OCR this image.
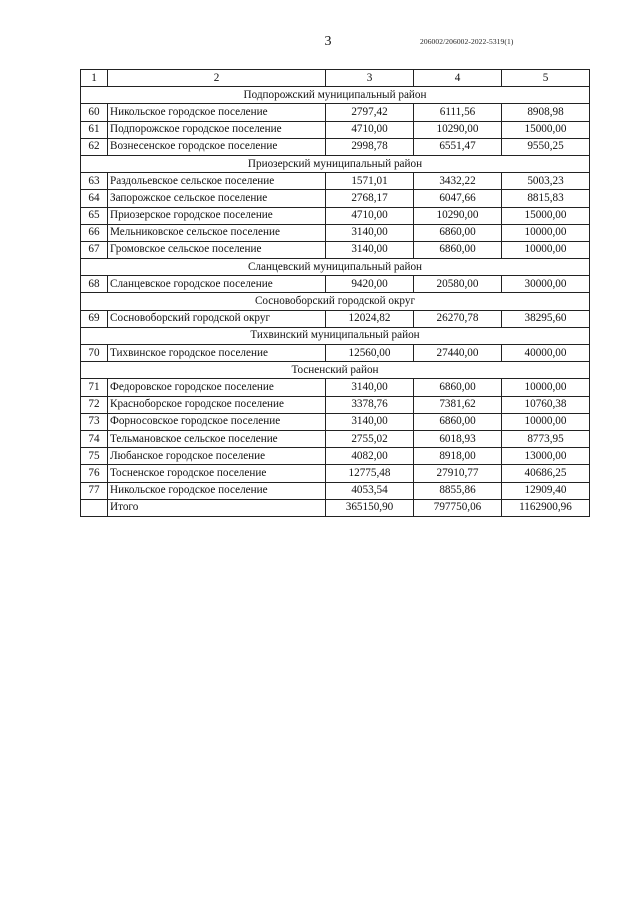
3	206002/206002-2022-5319(1)
1	2	3	4	5
Подпорожский муниципальный район				
60	Никольское городское поселение	2797,42	6111,56	8908,98
61	Подпорожское городское поселение	4710,00	10290,00	15000,00
62	Вознесенское городское поселение	2998,78	6551,47	9550,25
Приозерский муниципальный район				
63	Раздольевское сельское поселение	1571,01	3432,22	5003,23
64	Запорожское сельское поселение	2768,17	6047,66	8815,83
65	Приозерское городское поселение	4710,00	10290,00	15000,00
66	Мельниковское сельское поселение	3140,00	6860,00	10000,00
67	Громовское сельское поселение	3140,00	6860,00	10000,00
Сланцевский муниципальный район				
68	Сланцевское городское поселение	9420,00	20580,00	30000,00
Сосновоборский городской округ				
69	Сосновоборский городской округ	12024,82	26270,78	38295,60
Тихвинский муниципальный район				
70	Тихвинское городское поселение	12560,00	27440,00	40000,00
Тосненский район				
71	Федоровское городское поселение	3140,00	6860,00	10000,00
72	Красноборское городское поселение	3378,76	7381,62	10760,38
73	Форносовское городское поселение	3140,00	6860,00	10000,00
74	Тельмановское сельское поселение	2755,02	6018,93	8773,95
75	Любанское городское поселение	4082,00	8918,00	13000,00
76	Тосненское городское поселение	12775,48	27910,77	40686,25
77	Никольское городское поселение	4053,54	8855,86	12909,40
	Итого	365150,90	797750,06	1162900,96
